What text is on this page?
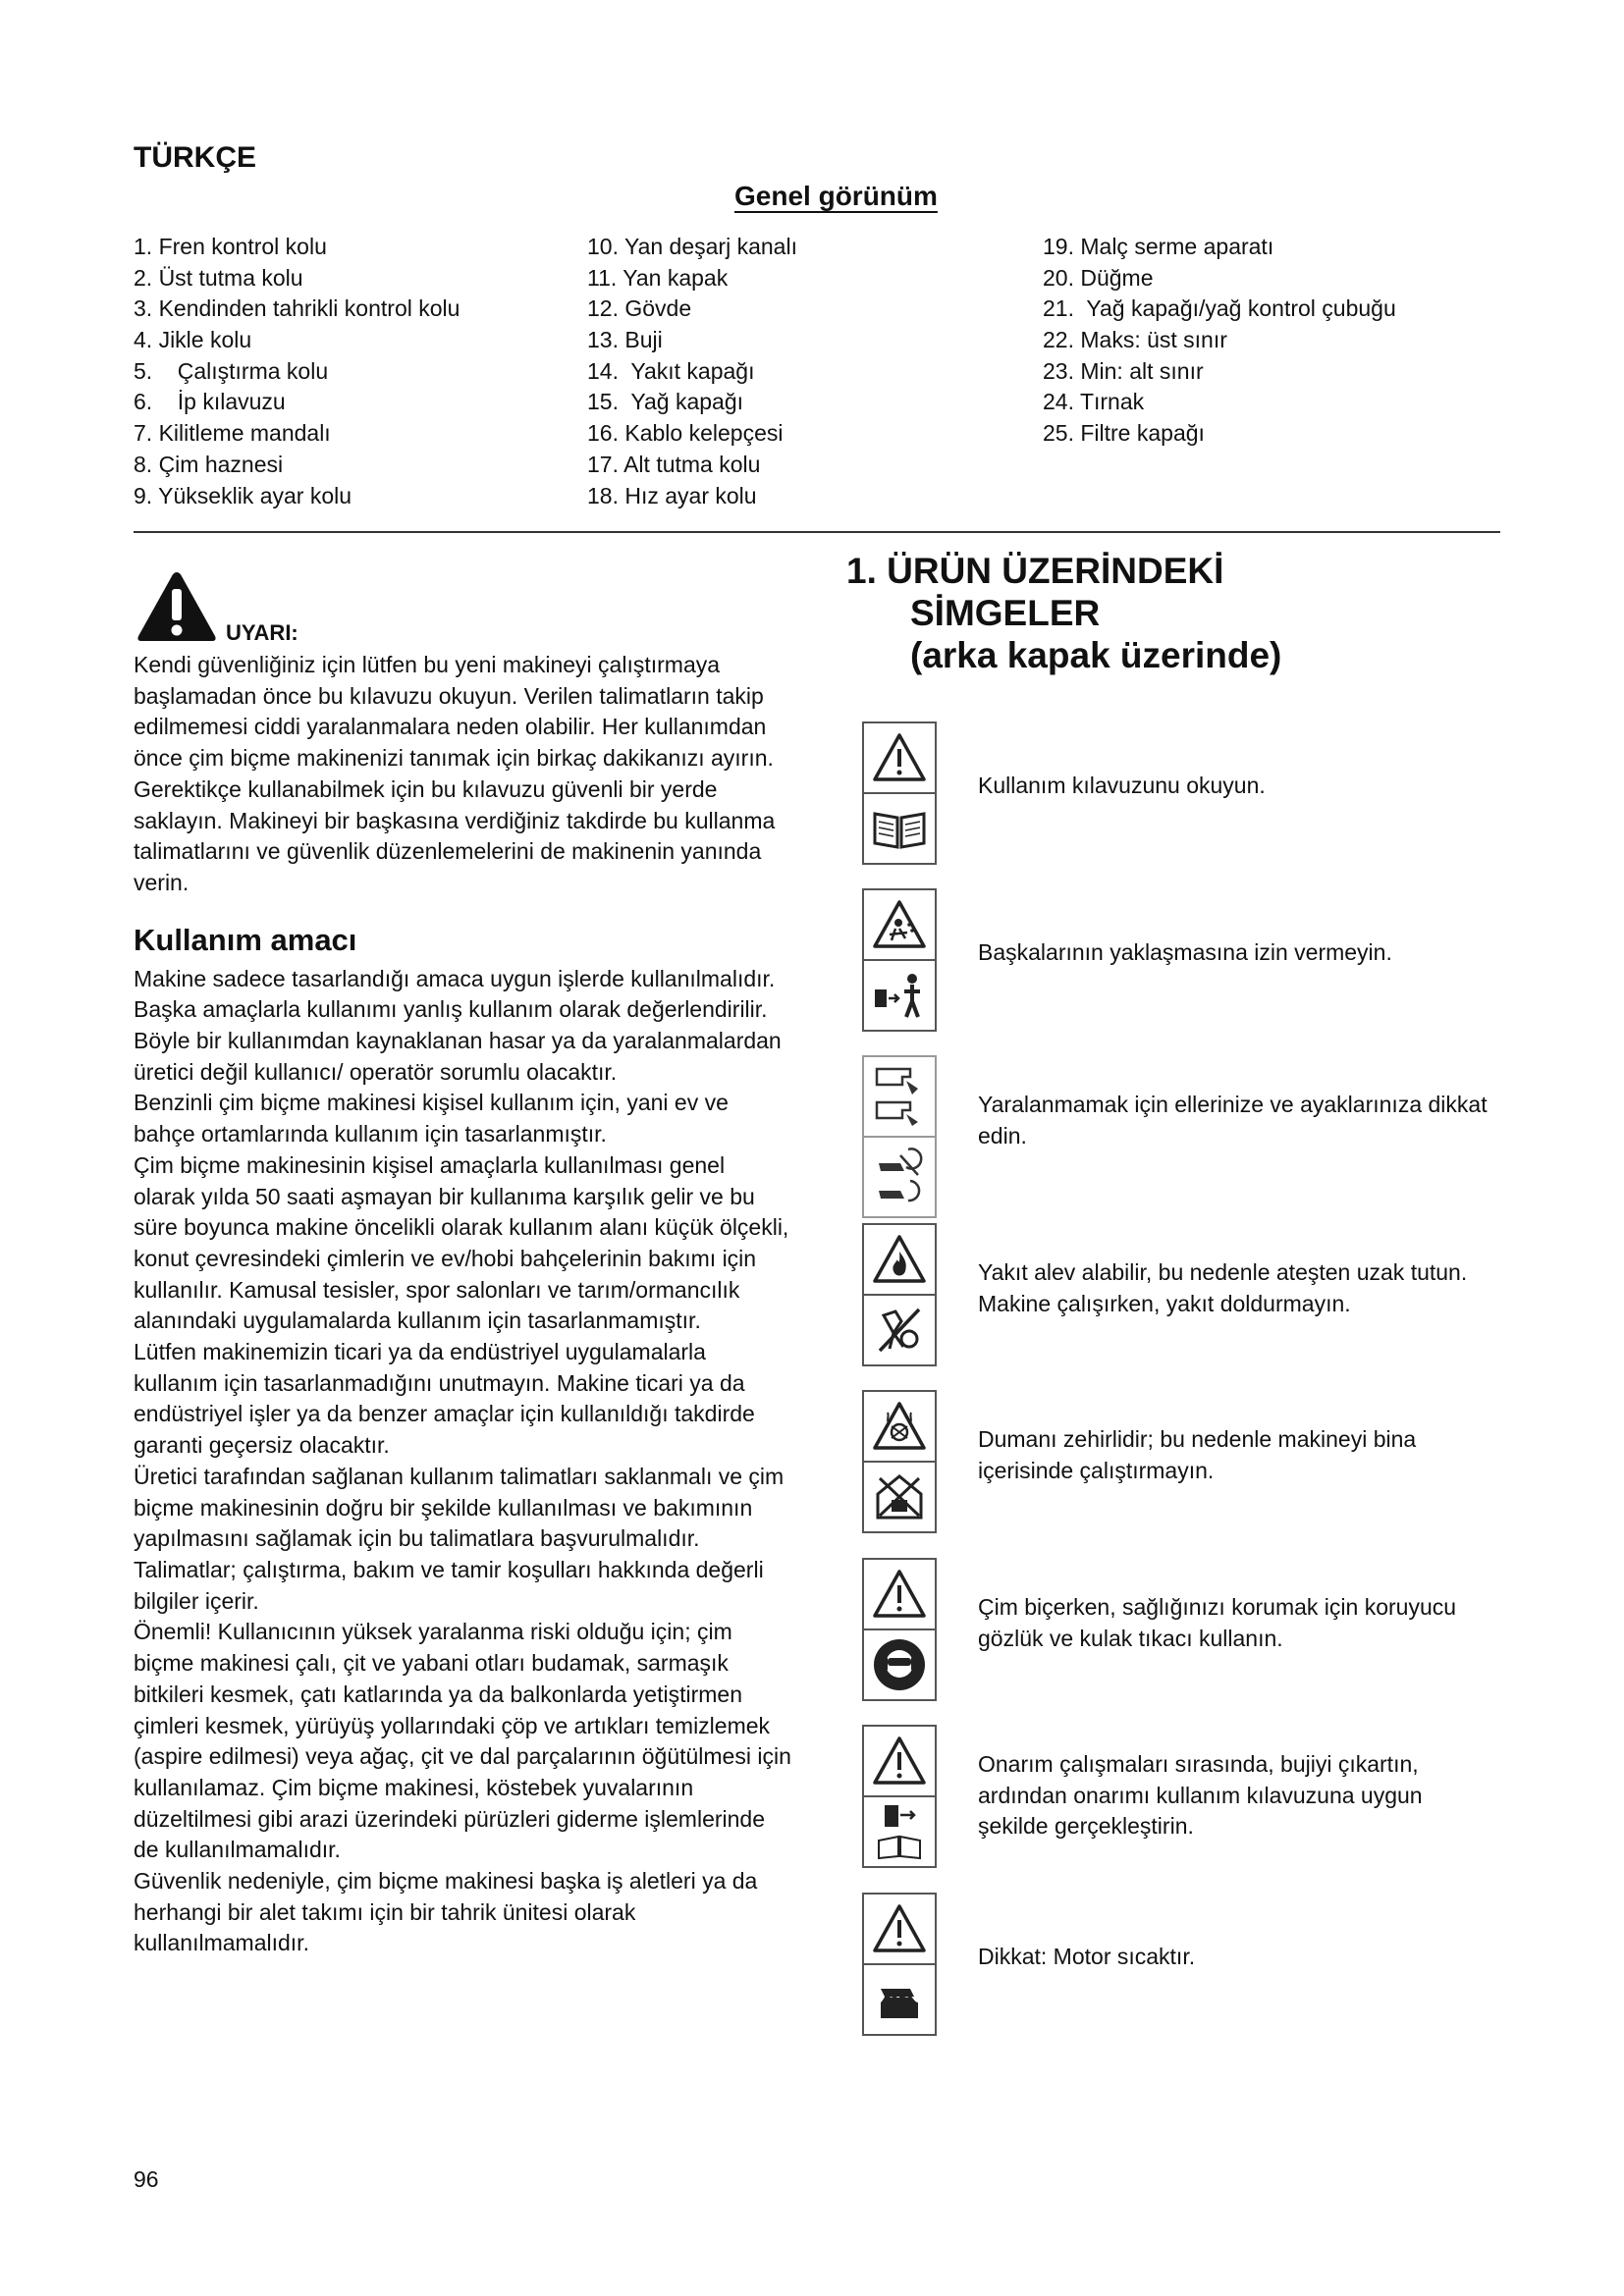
TÜRKÇE
Genel görünüm
1. Fren kontrol kolu
2. Üst tutma kolu
3. Kendinden tahrikli kontrol kolu
4. Jikle kolu
5.    Çalıştırma kolu
6.    İp kılavuzu
7. Kilitleme mandalı
8. Çim haznesi
9. Yükseklik ayar kolu
10. Yan deşarj kanalı
11. Yan kapak
12. Gövde
13. Buji
14.  Yakıt kapağı
15.  Yağ kapağı
16. Kablo kelepçesi
17. Alt tutma kolu
18. Hız ayar kolu
19. Malç serme aparatı
20. Düğme
21.  Yağ kapağı/yağ kontrol çubuğu
22. Maks: üst sınır
23. Min: alt sınır
24. Tırnak
25. Filtre kapağı
UYARI:

Kendi güvenliğiniz için lütfen bu yeni makineyi çalıştırmaya başlamadan önce bu kılavuzu okuyun. Verilen talimatların takip edilmemesi ciddi yaralanmalara neden olabilir. Her kullanımdan önce çim biçme makinenizi tanımak için birkaç dakikanızı ayırın. Gerektikçe kullanabilmek için bu kılavuzu güvenli bir yerde saklayın. Makineyi bir başkasına verdiğiniz takdirde bu kullanma talimatlarını ve güvenlik düzenlemelerini de makinenin yanında verin.

Kullanım amacı

Makine sadece tasarlandığı amaca uygun işlerde kullanılmalıdır. Başka amaçlarla kullanımı yanlış kullanım olarak değerlendirilir. Böyle bir kullanımdan kaynaklanan hasar ya da yaralanmalardan üretici değil kullanıcı/ operatör sorumlu olacaktır.

Benzinli çim biçme makinesi kişisel kullanım için, yani ev ve bahçe ortamlarında kullanım için tasarlanmıştır.

Çim biçme makinesinin kişisel amaçlarla kullanılması genel olarak yılda 50 saati aşmayan bir kullanıma karşılık gelir ve bu süre boyunca makine öncelikli olarak kullanım alanı küçük ölçekli, konut çevresindeki çimlerin ve ev/hobi bahçelerinin bakımı için kullanılır. Kamusal tesisler, spor salonları ve tarım/ormancılık alanındaki uygulamalarda kullanım için tasarlanmamıştır.

Lütfen makinemizin ticari ya da endüstriyel uygulamalarla kullanım için tasarlanmadığını unutmayın. Makine ticari ya da endüstriyel işler ya da benzer amaçlar için kullanıldığı takdirde garanti geçersiz olacaktır.

Üretici tarafından sağlanan kullanım talimatları saklanmalı ve çim biçme makinesinin doğru bir şekilde kullanılması ve bakımının yapılmasını sağlamak için bu talimatlara başvurulmalıdır. Talimatlar; çalıştırma, bakım ve tamir koşulları hakkında değerli bilgiler içerir.

Önemli! Kullanıcının yüksek yaralanma riski olduğu için; çim biçme makinesi çalı, çit ve yabani otları budamak, sarmaşık bitkileri kesmek, çatı katlarında ya da balkonlarda yetiştirmen çimleri kesmek, yürüyüş yollarındaki çöp ve artıkları temizlemek (aspire edilmesi) veya ağaç, çit ve dal parçalarının öğütülmesi için kullanılamaz. Çim biçme makinesi, köstebek yuvalarının düzeltilmesi gibi arazi üzerindeki pürüzleri giderme işlemlerinde de kullanılmamalıdır.

Güvenlik nedeniyle, çim biçme makinesi başka iş aletleri ya da herhangi bir alet takımı için bir tahrik ünitesi olarak kullanılmamalıdır.

1. ÜRÜN ÜZERİNDEKİ
SİMGELER
(arka kapak üzerinde)
Kullanım kılavuzunu okuyun.
Başkalarının yaklaşmasına izin vermeyin.
Yaralanmamak için ellerinize ve ayaklarınıza dikkat edin.
Yakıt alev alabilir, bu nedenle ateşten uzak tutun. Makine çalışırken, yakıt doldurmayın.
Dumanı zehirlidir; bu nedenle makineyi bina içerisinde çalıştırmayın.
Çim biçerken, sağlığınızı korumak için koruyucu gözlük ve kulak tıkacı kullanın.
Onarım çalışmaları sırasında, bujiyi çıkartın, ardından onarımı kullanım kılavuzuna uygun şekilde gerçekleştirin.
Dikkat: Motor sıcaktır.
96
